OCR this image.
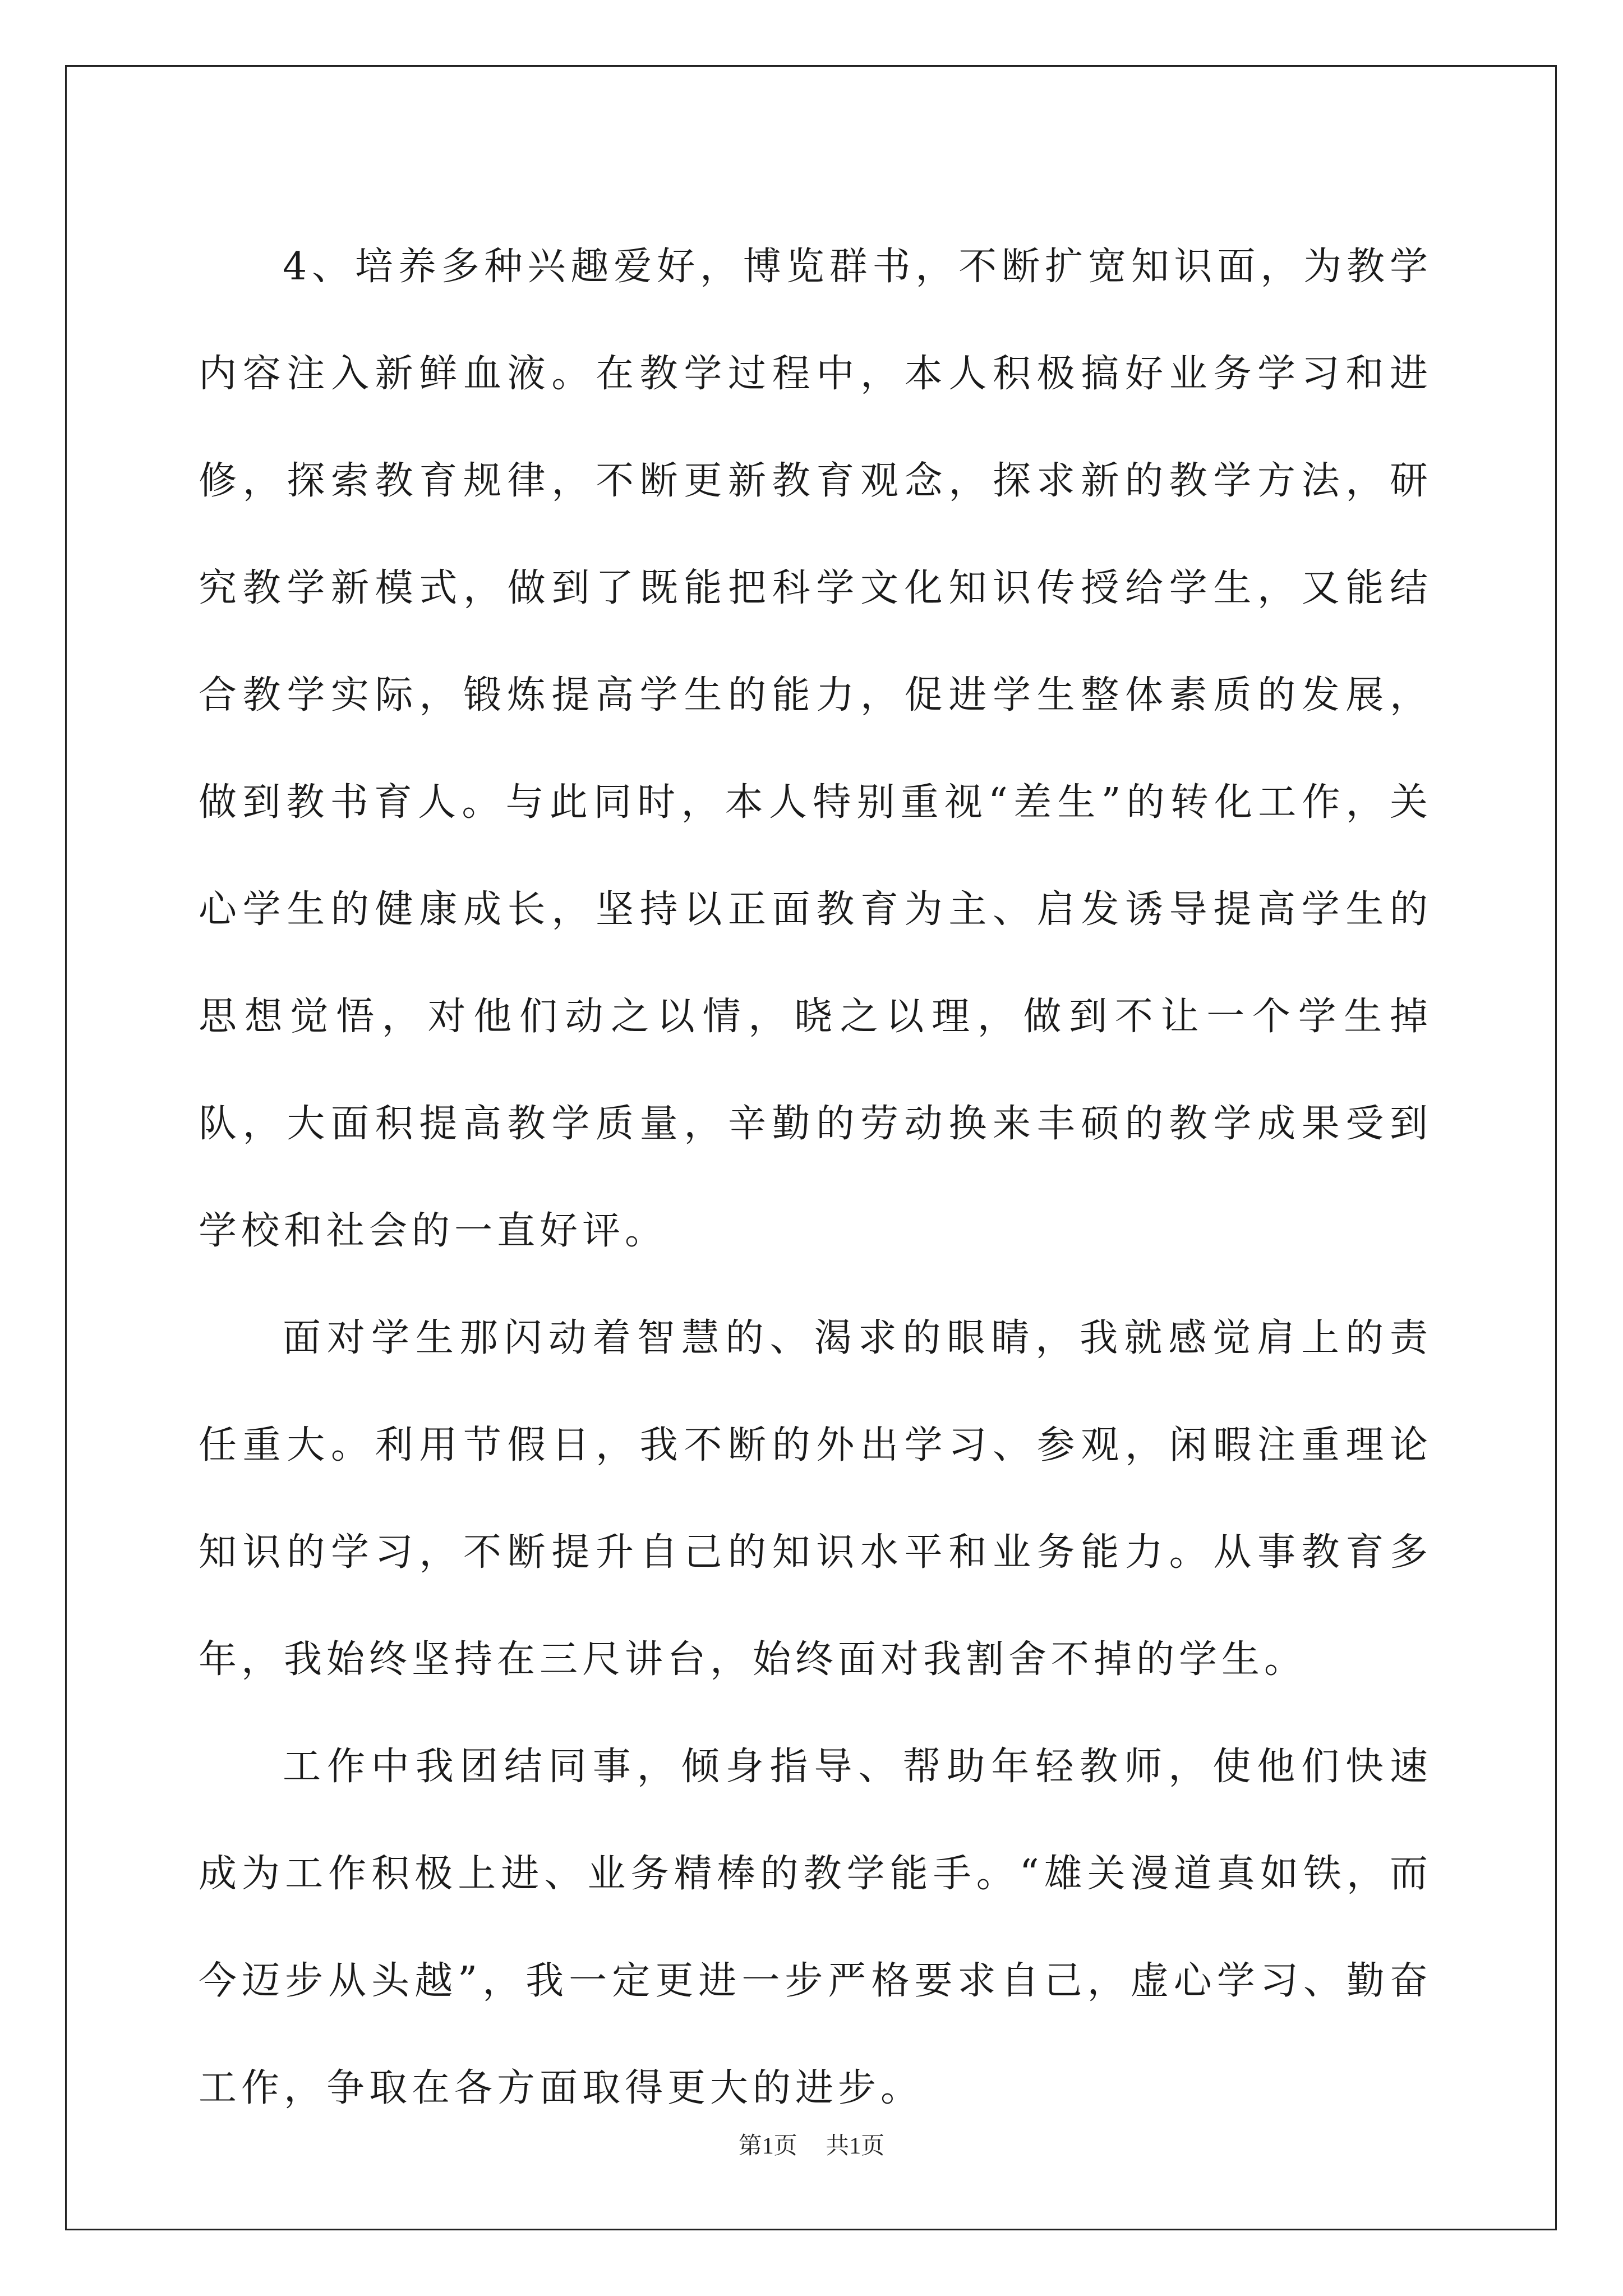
4、培养多种兴趣爱好，博览群书，不断扩宽知识面，为教学内容注入新鲜血液。在教学过程中，本人积极搞好业务学习和进修，探索教育规律，不断更新教育观念，探求新的教学方法，研究教学新模式，做到了既能把科学文化知识传授给学生，又能结合教学实际，锻炼提高学生的能力，促进学生整体素质的发展，做到教书育人。与此同时，本人特别重视“差生”的转化工作，关心学生的健康成长，坚持以正面教育为主、启发诱导提高学生的思想觉悟，对他们动之以情，晓之以理，做到不让一个学生掉队，大面积提高教学质量，辛勤的劳动换来丰硕的教学成果受到学校和社会的一直好评。

面对学生那闪动着智慧的、渴求的眼睛，我就感觉肩上的责任重大。利用节假日，我不断的外出学习、参观，闲暇注重理论知识的学习，不断提升自己的知识水平和业务能力。从事教育多年，我始终坚持在三尺讲台，始终面对我割舍不掉的学生。

工作中我团结同事，倾身指导、帮助年轻教师，使他们快速成为工作积极上进、业务精棒的教学能手。“雄关漫道真如铁，而今迈步从头越”，我一定更进一步严格要求自己，虚心学习、勤奋工作，争取在各方面取得更大的进步。

第1页 共1页
